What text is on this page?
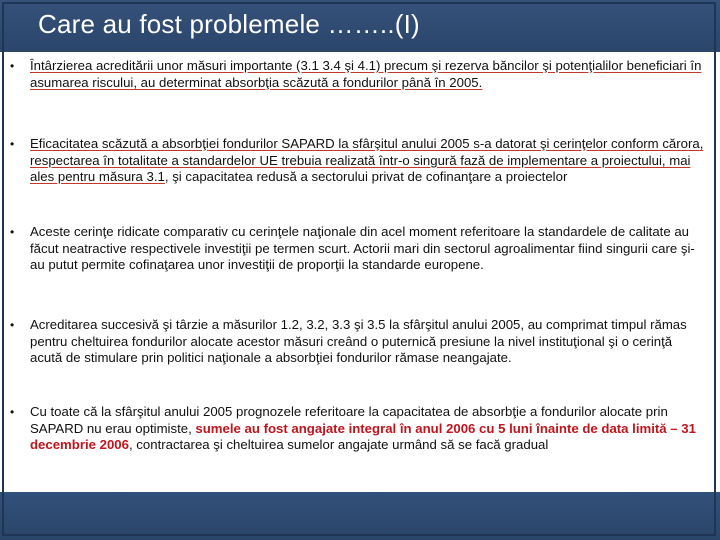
Care au fost problemele ……..(I)
• Întârzierea acreditării unor măsuri importante (3.1 3.4 şi 4.1) precum şi rezerva băncilor şi potenţialilor beneficiari în asumarea riscului, au determinat absorbţia scăzută a fondurilor până în 2005.
• Eficacitatea scăzută a absorbţiei fondurilor SAPARD la sfârşitul anului 2005 s-a datorat şi cerinţelor conform cărora, respectarea în totalitate a standardelor UE trebuia realizată într-o singură fază de implementare a proiectului, mai ales pentru măsura 3.1, şi capacitatea redusă a sectorului privat de cofinanţare a proiectelor
• Aceste cerinţe ridicate comparativ cu cerinţele naţionale din acel moment referitoare la standardele de calitate au făcut neatractive respectivele investiţii pe termen scurt. Actorii mari din sectorul agroalimentar fiind singurii care şi-au putut permite cofinaţarea unor investiţii de proporţii la standarde europene.
• Acreditarea succesivă şi târzie a măsurilor 1.2, 3.2, 3.3 şi 3.5 la sfârşitul anului 2005, au comprimat timpul rămas pentru cheltuirea fondurilor alocate acestor măsuri creând o puternică presiune la nivel instituţional şi o cerinţă acută de stimulare prin politici naţionale a absorbţiei fondurilor rămase neangajate.
• Cu toate că la sfârşitul anului 2005 prognozele referitoare la capacitatea de absorbţie a fondurilor alocate prin SAPARD nu erau optimiste, sumele au fost angajate integral în anul 2006 cu 5 luni înainte de data limită – 31 decembrie 2006, contractarea şi cheltuirea sumelor angajate urmând să se facă gradual
